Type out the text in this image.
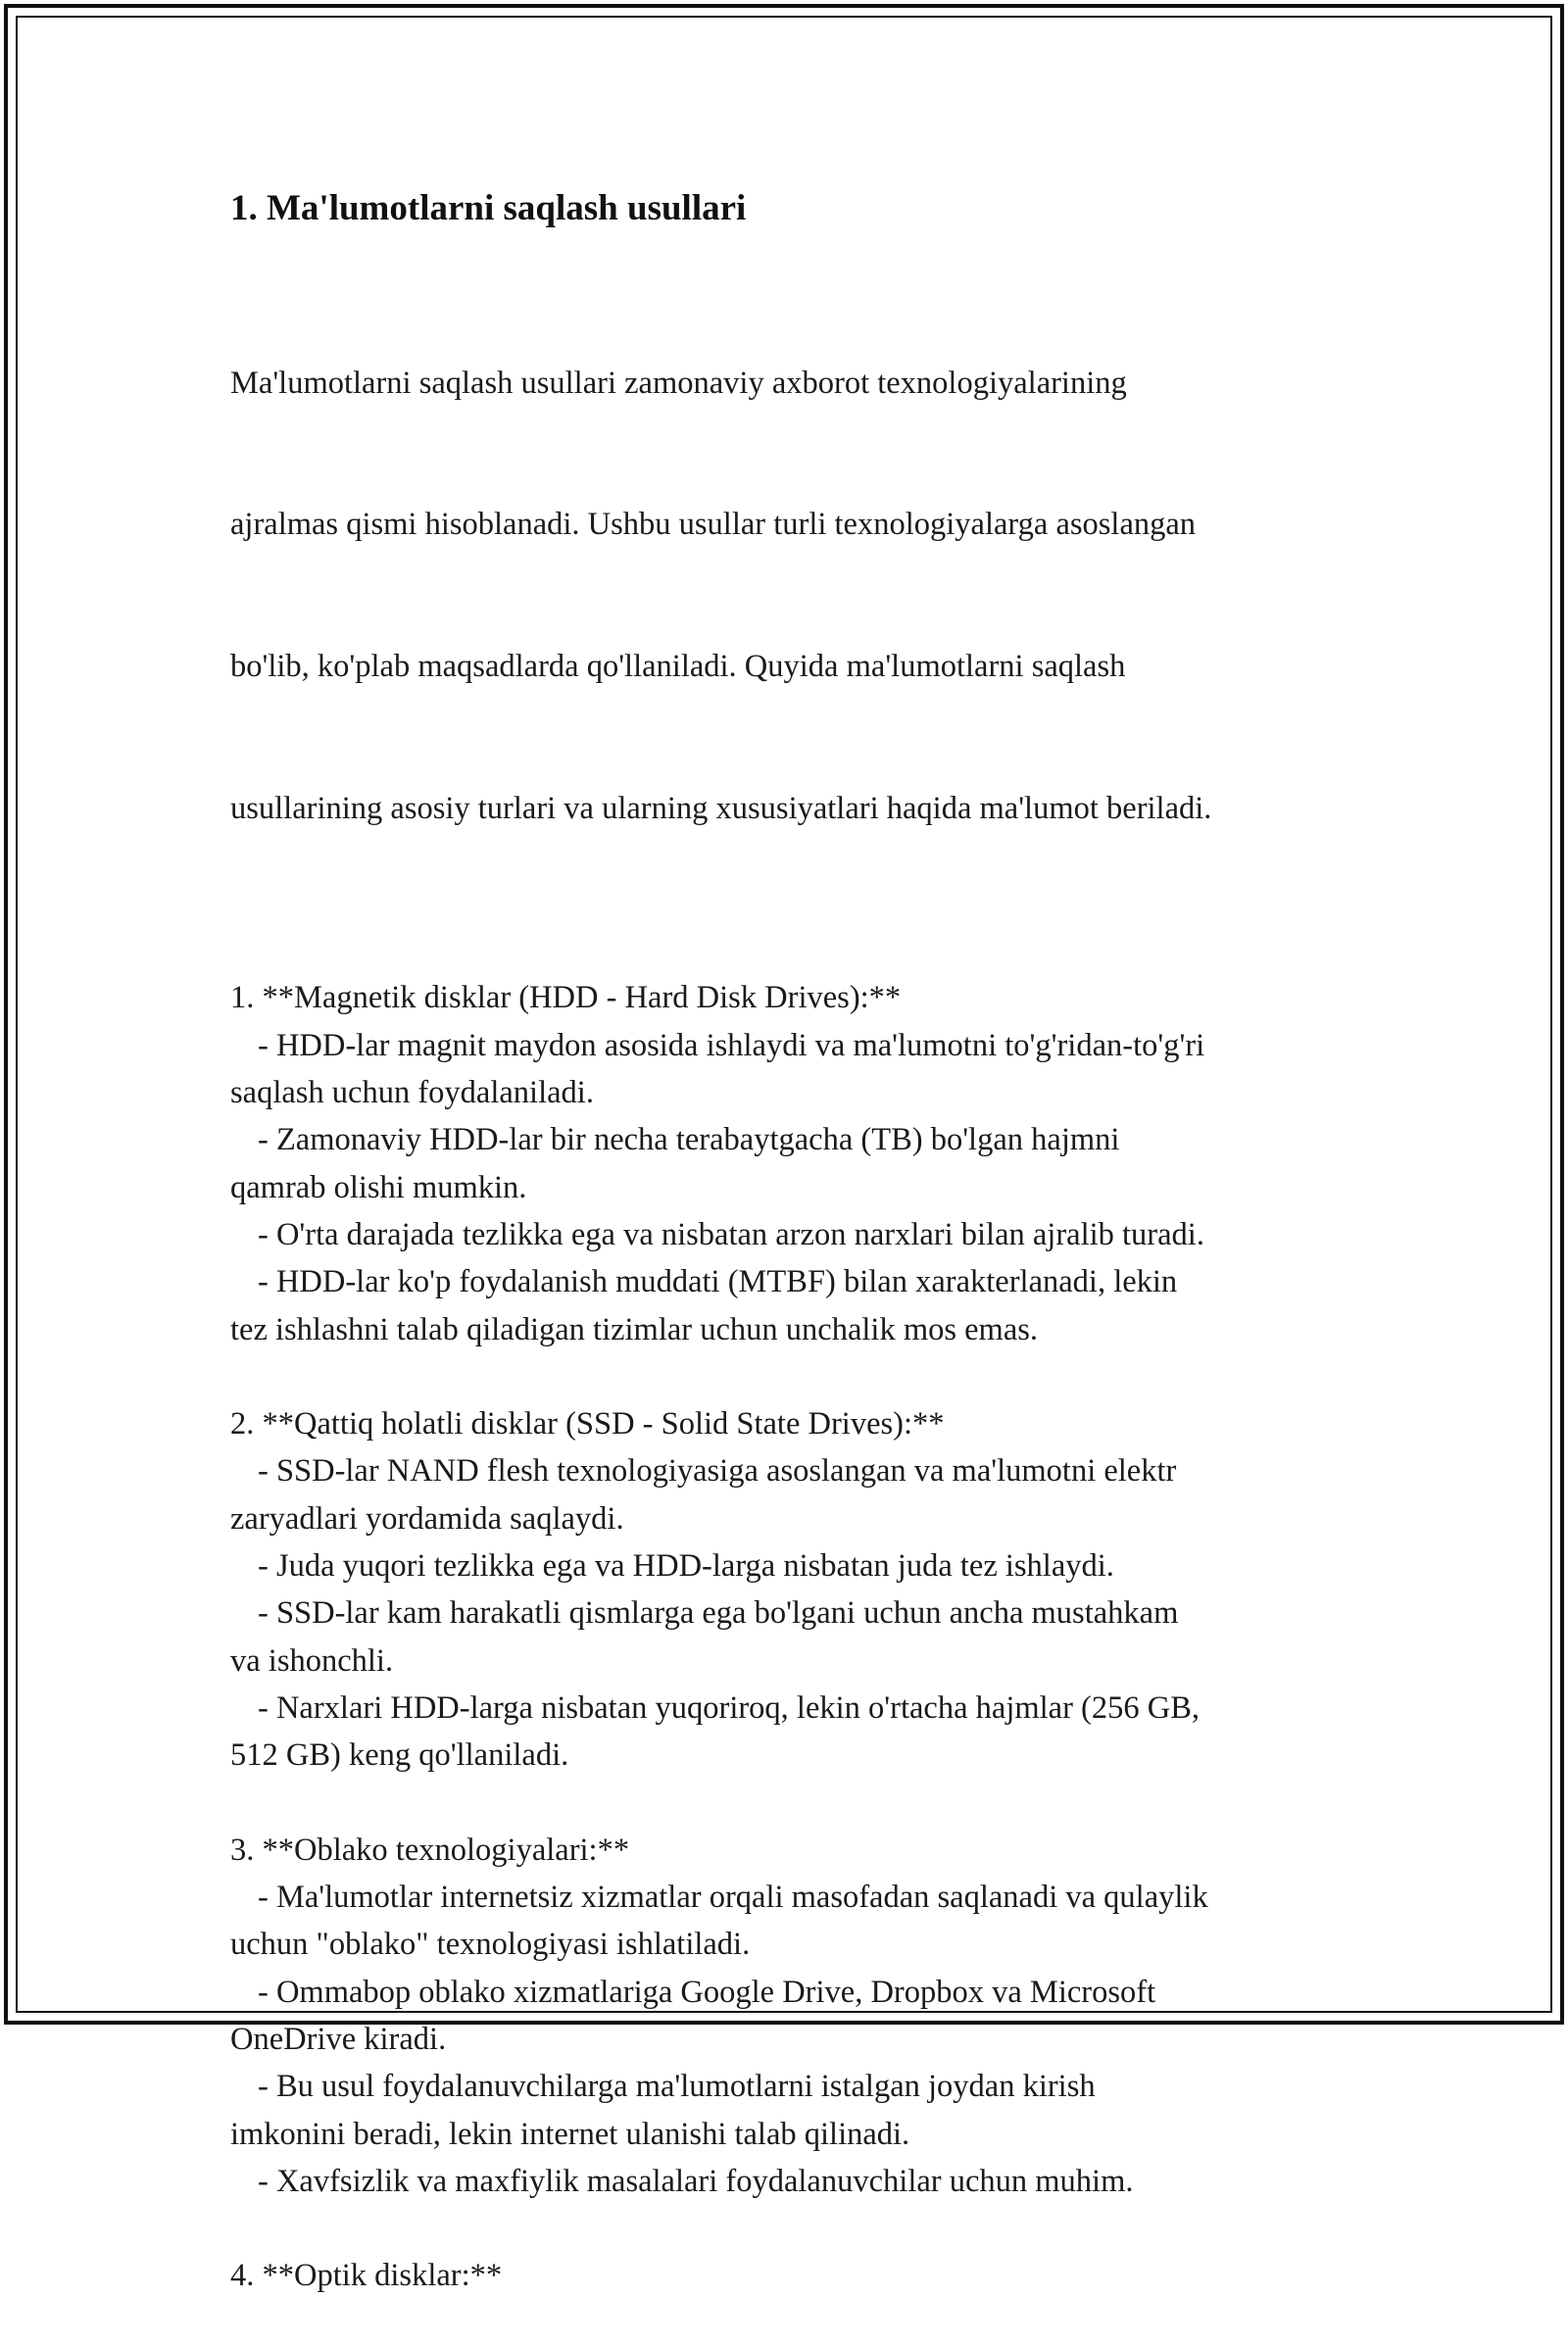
1. Ma'lumotlarni saqlash usullari

Ma'lumotlarni saqlash usullari zamonaviy axborot texnologiyalarining

ajralmas qismi hisoblanadi. Ushbu usullar turli texnologiyalarga asoslangan

bo'lib, ko'plab maqsadlarda qo'llaniladi. Quyida ma'lumotlarni saqlash

usullarining asosiy turlari va ularning xususiyatlari haqida ma'lumot beriladi.

1. **Magnetik disklar (HDD - Hard Disk Drives):**
- HDD-lar magnit maydon asosida ishlaydi va ma'lumotni to'g'ridan-to'g'ri
saqlash uchun foydalaniladi.
- Zamonaviy HDD-lar bir necha terabaytgacha (TB) bo'lgan hajmni
qamrab olishi mumkin.
- O'rta darajada tezlikka ega va nisbatan arzon narxlari bilan ajralib turadi.
- HDD-lar ko'p foydalanish muddati (MTBF) bilan xarakterlanadi, lekin
tez ishlashni talab qiladigan tizimlar uchun unchalik mos emas.
2. **Qattiq holatli disklar (SSD - Solid State Drives):**
- SSD-lar NAND flesh texnologiyasiga asoslangan va ma'lumotni elektr
zaryadlari yordamida saqlaydi.
- Juda yuqori tezlikka ega va HDD-larga nisbatan juda tez ishlaydi.
- SSD-lar kam harakatli qismlarga ega bo'lgani uchun ancha mustahkam
va ishonchli.
- Narxlari HDD-larga nisbatan yuqoriroq, lekin o'rtacha hajmlar (256 GB,
512 GB) keng qo'llaniladi.
3. **Oblako texnologiyalari:**
- Ma'lumotlar internetsiz xizmatlar orqali masofadan saqlanadi va qulaylik
uchun "oblako" texnologiyasi ishlatiladi.
- Ommabop oblako xizmatlariga Google Drive, Dropbox va Microsoft
OneDrive kiradi.
- Bu usul foydalanuvchilarga ma'lumotlarni istalgan joydan kirish
imkonini beradi, lekin internet ulanishi talab qilinadi.
- Xavfsizlik va maxfiylik masalalari foydalanuvchilar uchun muhim.
4. **Optik disklar:**
